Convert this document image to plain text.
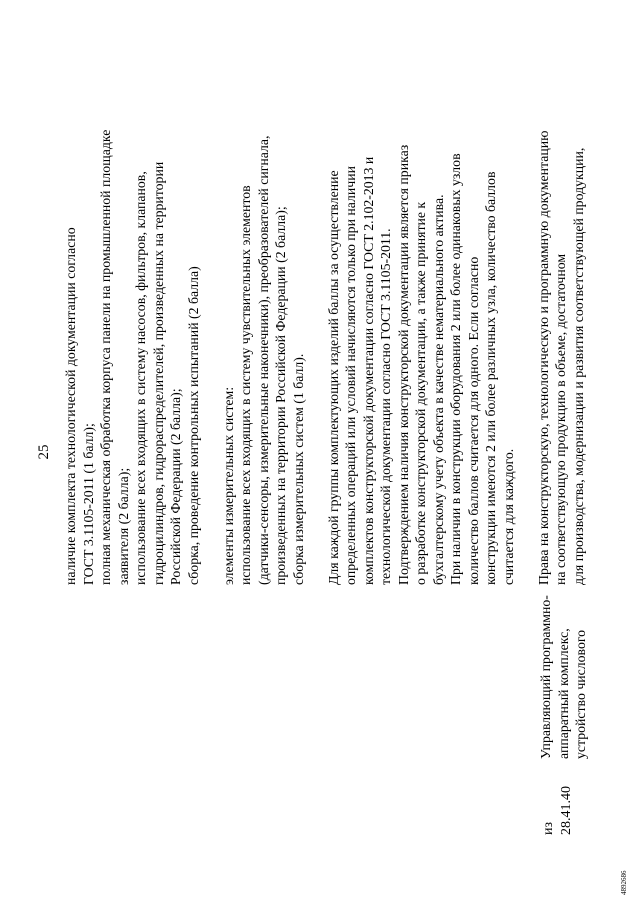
25
из 28.41.40
Управляющий программно- аппаратный комплекс, устройство числового
наличие комплекта технологической документации согласно ГОСТ 3.1105-2011 (1 балл); полная механическая обработка корпуса панели на промышленной площадке заявителя (2 балла); использование всех входящих в систему насосов, фильтров, клапанов, гидроцилиндров, гидрораспределителей, произведенных на территории Российской Федерации (2 балла); сборка, проведение контрольных испытаний (2 балла) элементы измерительных систем: использование всех входящих в систему чувствительных элементов (датчики-сенсоры, измерительные наконечники), преобразователей сигнала, произведенных на территории Российской Федерации (2 балла); сборка измерительных систем (1 балл). Для каждой группы комплектующих изделий баллы за осуществление определенных операций или условий начисляются только при наличии комплектов конструкторской документации согласно ГОСТ 2.102-2013 и технологической документации согласно ГОСТ 3.1105-2011. Подтверждением наличия конструкторской документации является приказ о разработке конструкторской документации, а также принятие к бухгалтерскому учету объекта в качестве нематериального актива. При наличии в конструкции оборудования 2 или более одинаковых узлов количество баллов считается для одного. Если согласно конструкции имеются 2 или более различных узла, количество баллов считается для каждого. Права на конструкторскую, технологическую и программную документацию на соответствующую продукцию в объеме, достаточном для производства, модернизации и развития соответствующей продукции,
4892686
